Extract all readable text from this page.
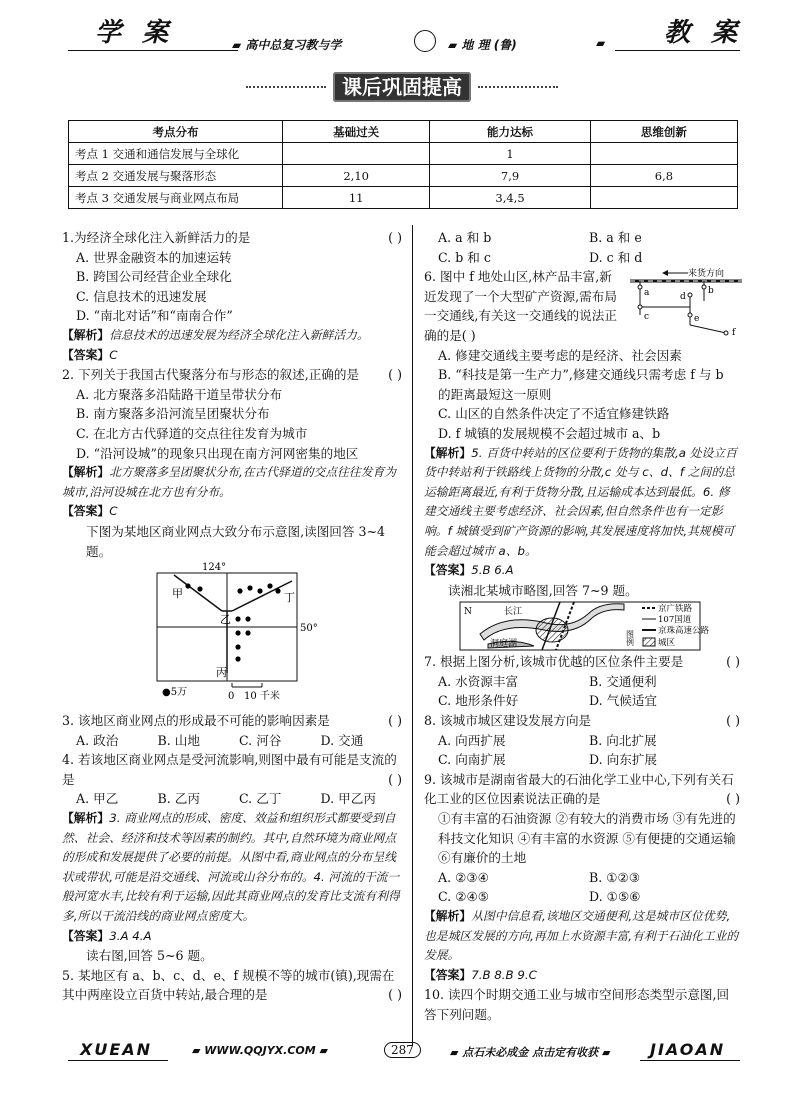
学 案	▰ 高中总复习教与学	▰ 地 理 (鲁)	▰ 教 案
课后巩固提高
考点分布	基础过关	能力达标	思维创新
考点 1 交通和通信发展与全球化		1	
考点 2 交通发展与聚落形态	2,10	7,9	6,8
考点 3 交通发展与商业网点布局	11	3,4,5	
( )
1.为经济全球化注入新鲜活力的是
A. 世界金融资本的加速运转
B. 跨国公司经营企业全球化
C. 信息技术的迅速发展
D. “南北对话”和“南南合作”
【解析】信息技术的迅速发展为经济全球化注入新鲜活力。
【答案】C
( )
2. 下列关于我国古代聚落分布与形态的叙述,正确的是
A. 北方聚落多沿陆路干道呈带状分布
B. 南方聚落多沿河流呈团聚状分布
C. 在北方古代驿道的交点往往发育为城市
D. “沿河设城”的现象只出现在南方河网密集的地区
【解析】北方聚落多呈团聚状分布,在古代驿道的交点往往发育为城市,沿河设城在北方也有分布。
【答案】C
下图为某地区商业网点大致分布示意图,读图回答 3~4题。
124°
50°
甲
乙
丁
丙
●5万	0 10 千米
( )
3. 该地区商业网点的形成最不可能的影响因素是
A. 政治	B. 山地	C. 河谷	D. 交通
4. 若该地区商业网点是受河流影响,则图中最有可能是支流的是	( )
A. 甲乙	B. 乙丙	C. 乙丁	D. 甲乙丙
【解析】3. 商业网点的形成、密度、效益和组织形式都要受到自然、社会、经济和技术等因素的制约。其中,自然环境为商业网点的形成和发展提供了必要的前提。从图中看,商业网点的分布呈线状或带状,可能是沿交通线、河流或山谷分布的。4. 河流的干流一般河宽水丰,比较有利于运输,因此其商业网点的发育比支流有利得多,所以干流沿线的商业网点密度大。
【答案】3.A 4.A
读右图,回答 5~6 题。
5. 某地区有 a、b、c、d、e、f 规模不等的城市(镇),现需在其中两座设立百货中转站,最合理的是	( )
A. a 和 b	B. a 和 e
C. b 和 c	D. c 和 d
来货方向
a	b
c
d
e
f
6. 图中 f 地处山区,林产品丰富,新近发现了一个大型矿产资源,需布局一交通线,有关这一交通线的说法正确的是( )
A. 修建交通线主要考虑的是经济、社会因素
B. “科技是第一生产力”,修建交通线只需考虑 f 与 b 的距离最短这一原则
C. 山区的自然条件决定了不适宜修建铁路
D. f 城镇的发展规模不会超过城市 a、b
【解析】5. 百货中转站的区位要利于货物的集散,a 处设立百货中转站利于铁路线上货物的分散,c 处与 c、d、f 之间的总运输距离最近,有利于货物分散,且运输成本达到最低。6. 修建交通线主要考虑经济、社会因素,但自然条件也有一定影响。f 城镇受到矿产资源的影响,其发展速度将加快,其规模可能会超过城市 a、b。
【答案】5.B 6.A
读湘北某城市略图,回答 7~9 题。
长江
洞庭湖
N
图例
京广铁路
107国道
京珠高速公路
城区
( )
7. 根据上图分析,该城市优越的区位条件主要是
A. 水资源丰富	B. 交通便利
C. 地形条件好	D. 气候适宜
( )
8. 该城市城区建设发展方向是
A. 向西扩展	B. 向北扩展
C. 向南扩展	D. 向东扩展
9. 该城市是湖南省最大的石油化学工业中心,下列有关石化工业的区位因素说法正确的是	( )
①有丰富的石油资源 ②有较大的消费市场 ③有先进的科技文化知识 ④有丰富的水资源 ⑤有便捷的交通运输 ⑥有廉价的土地
A. ②③④	B. ①②③
C. ②④⑤	D. ①⑤⑥
【解析】从图中信息看,该地区交通便利,这是城市区位优势,也是城区发展的方向,再加上水资源丰富,有利于石油化工业的发展。
【答案】7.B 8.B 9.C
10. 读四个时期交通工业与城市空间形态类型示意图,回答下列问题。
XUEAN	▰ WWW.QQJYX.COM ▰	287	▰ 点石未必成金 点击定有收获 ▰ JIAOAN
